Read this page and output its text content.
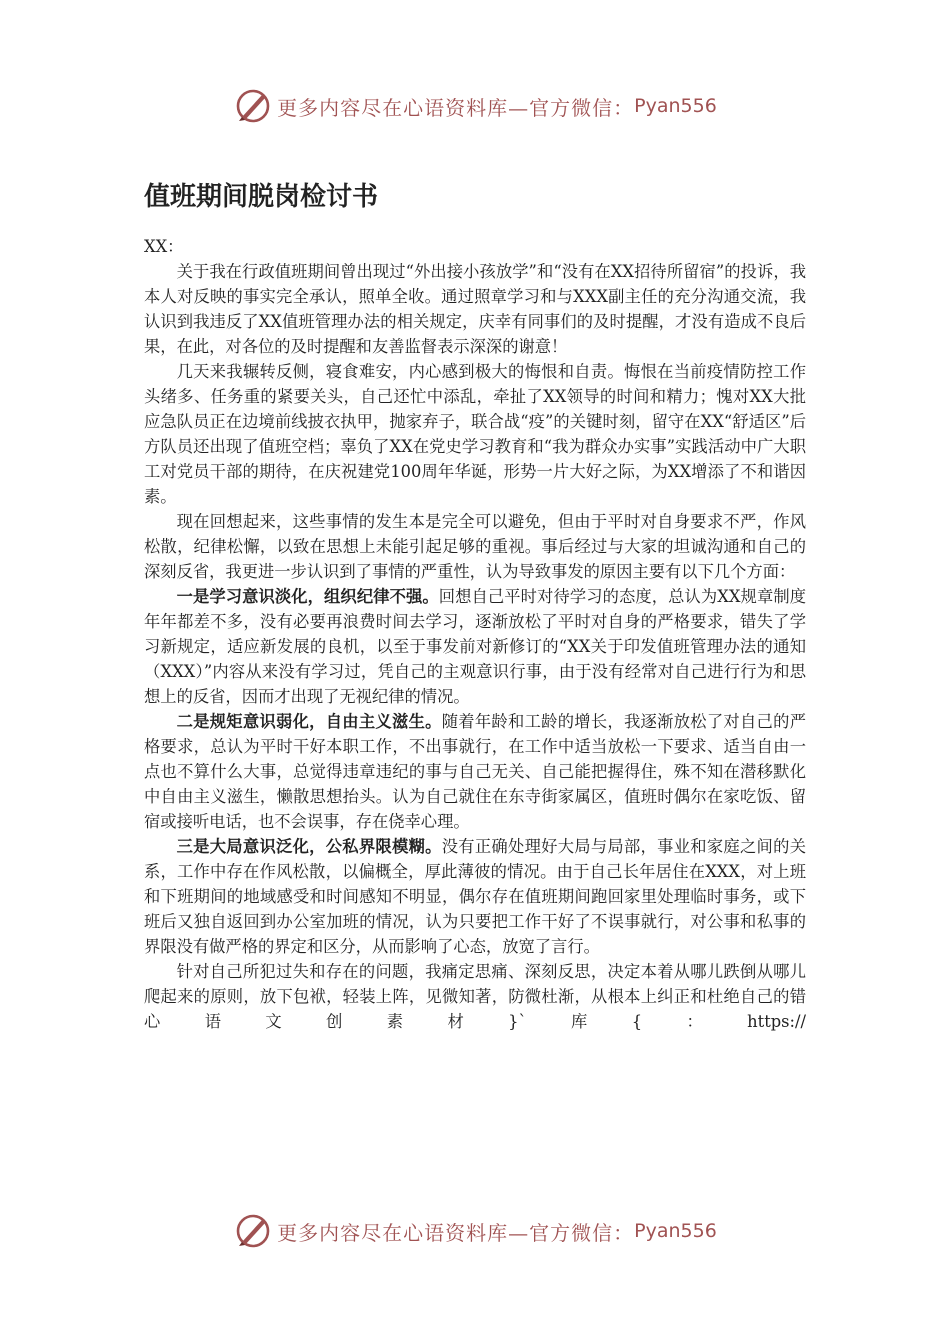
更多内容尽在心语资料库—官方微信： Pyan556
值班期间脱岗检讨书

XX：

关于我在行政值班期间曾出现过“外出接小孩放学”和“没有在XX招待所留宿”的投诉，我本人对反映的事实完全承认，照单全收。通过照章学习和与XXX副主任的充分沟通交流，我认识到我违反了XX值班管理办法的相关规定，庆幸有同事们的及时提醒，才没有造成不良后果，在此，对各位的及时提醒和友善监督表示深深的谢意！

几天来我辗转反侧，寝食难安，内心感到极大的悔恨和自责。悔恨在当前疫情防控工作头绪多、任务重的紧要关头，自己还忙中添乱，牵扯了XX领导的时间和精力；愧对XX大批应急队员正在边境前线披衣执甲，抛家弃子，联合战“疫”的关键时刻，留守在XX“舒适区”后方队员还出现了值班空档；辜负了XX在党史学习教育和“我为群众办实事”实践活动中广大职工对党员干部的期待，在庆祝建党100周年华诞，形势一片大好之际，为XX增添了不和谐因素。

现在回想起来，这些事情的发生本是完全可以避免，但由于平时对自身要求不严，作风松散，纪律松懈，以致在思想上未能引起足够的重视。事后经过与大家的坦诚沟通和自己的深刻反省，我更进一步认识到了事情的严重性，认为导致事发的原因主要有以下几个方面：

一是学习意识淡化，组织纪律不强。回想自己平时对待学习的态度，总认为XX规章制度年年都差不多，没有必要再浪费时间去学习，逐渐放松了平时对自身的严格要求，错失了学习新规定，适应新发展的良机，以至于事发前对新修订的“XX关于印发值班管理办法的通知（XXX）”内容从来没有学习过，凭自己的主观意识行事，由于没有经常对自己进行行为和思想上的反省，因而才出现了无视纪律的情况。

二是规矩意识弱化，自由主义滋生。随着年龄和工龄的增长，我逐渐放松了对自己的严格要求，总认为平时干好本职工作，不出事就行，在工作中适当放松一下要求、适当自由一点也不算什么大事，总觉得违章违纪的事与自己无关、自己能把握得住，殊不知在潜移默化中自由主义滋生，懒散思想抬头。认为自己就住在东寺街家属区，值班时偶尔在家吃饭、留宿或接听电话，也不会误事，存在侥幸心理。

三是大局意识泛化，公私界限模糊。没有正确处理好大局与局部，事业和家庭之间的关系，工作中存在作风松散，以偏概全，厚此薄彼的情况。由于自己长年居住在XXX，对上班和下班期间的地域感受和时间感知不明显，偶尔存在值班期间跑回家里处理临时事务，或下班后又独自返回到办公室加班的情况，认为只要把工作干好了不误事就行，对公事和私事的界限没有做严格的界定和区分，从而影响了心态，放宽了言行。

针对自己所犯过失和存在的问题，我痛定思痛、深刻反思，决定本着从哪儿跌倒从哪儿爬起来的原则，放下包袱，轻装上阵，见微知著，防微杜渐，从根本上纠正和杜绝自己的错心语文创素材}`库{：https://

更多内容尽在心语资料库—官方微信： Pyan556
